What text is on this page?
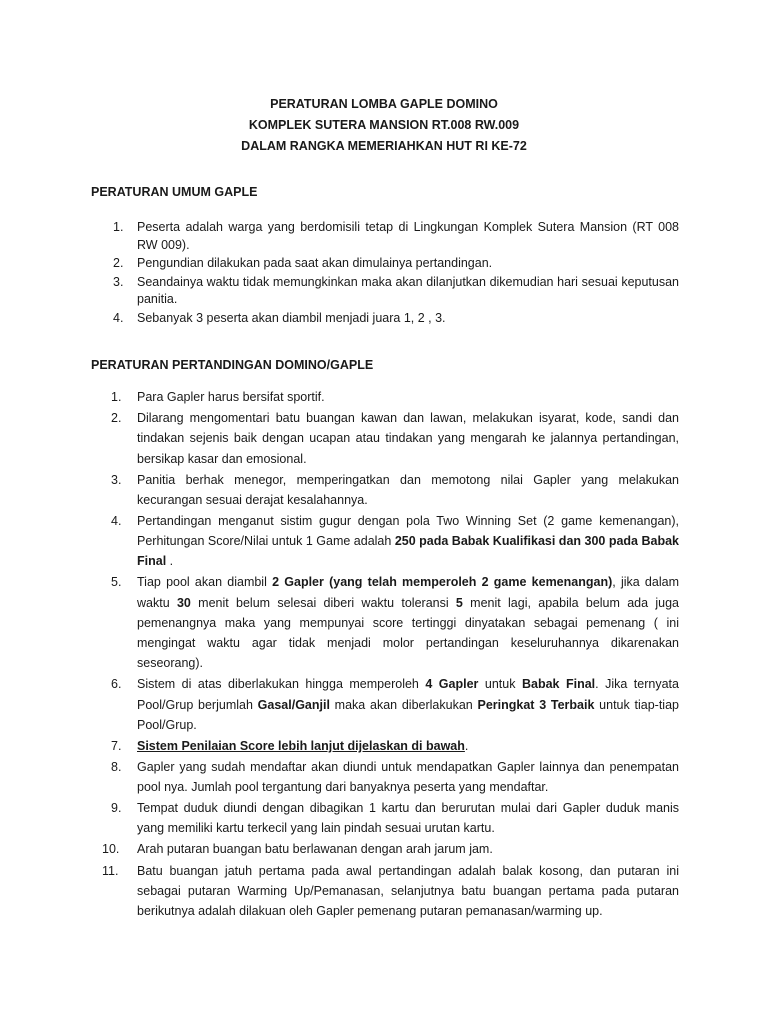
PERATURAN LOMBA GAPLE DOMINO
KOMPLEK SUTERA MANSION RT.008 RW.009
DALAM RANGKA MEMERIAHKAN HUT RI KE-72
PERATURAN UMUM GAPLE
1. Peserta adalah warga yang berdomisili tetap di Lingkungan Komplek Sutera Mansion (RT 008 RW 009).
2. Pengundian dilakukan pada saat akan dimulainya pertandingan.
3. Seandainya waktu tidak memungkinkan maka akan dilanjutkan dikemudian hari sesuai keputusan panitia.
4. Sebanyak 3 peserta akan diambil menjadi juara 1, 2 , 3.
PERATURAN PERTANDINGAN DOMINO/GAPLE
1. Para Gapler harus bersifat sportif.
2. Dilarang mengomentari batu buangan kawan dan lawan, melakukan isyarat, kode, sandi dan tindakan sejenis baik dengan ucapan atau tindakan yang mengarah ke jalannya pertandingan, bersikap kasar dan emosional.
3. Panitia berhak menegor, memperingatkan dan memotong nilai Gapler yang melakukan kecurangan sesuai derajat kesalahannya.
4. Pertandingan menganut sistim gugur dengan pola Two Winning Set (2 game kemenangan), Perhitungan Score/Nilai untuk 1 Game adalah 250 pada Babak Kualifikasi dan 300 pada Babak Final .
5. Tiap pool akan diambil 2 Gapler (yang telah memperoleh 2 game kemenangan), jika dalam waktu 30 menit belum selesai diberi waktu toleransi 5 menit lagi, apabila belum ada juga pemenangnya maka yang mempunyai score tertinggi dinyatakan sebagai pemenang ( ini mengingat waktu agar tidak menjadi molor pertandingan keseluruhannya dikarenakan seseorang).
6. Sistem di atas diberlakukan hingga memperoleh 4 Gapler untuk Babak Final. Jika ternyata Pool/Grup berjumlah Gasal/Ganjil maka akan diberlakukan Peringkat 3 Terbaik untuk tiap-tiap Pool/Grup.
7. Sistem Penilaian Score lebih lanjut dijelaskan di bawah.
8. Gapler yang sudah mendaftar akan diundi untuk mendapatkan Gapler lainnya dan penempatan pool nya. Jumlah pool tergantung dari banyaknya peserta yang mendaftar.
9. Tempat duduk diundi dengan dibagikan 1 kartu dan berurutan mulai dari Gapler duduk manis yang memiliki kartu terkecil yang lain pindah sesuai urutan kartu.
10. Arah putaran buangan batu berlawanan dengan arah jarum jam.
11. Batu buangan jatuh pertama pada awal pertandingan adalah balak kosong, dan putaran ini sebagai putaran Warming Up/Pemanasan, selanjutnya batu buangan pertama pada putaran berikutnya adalah dilakuan oleh Gapler pemenang putaran pemanasan/warming up.
